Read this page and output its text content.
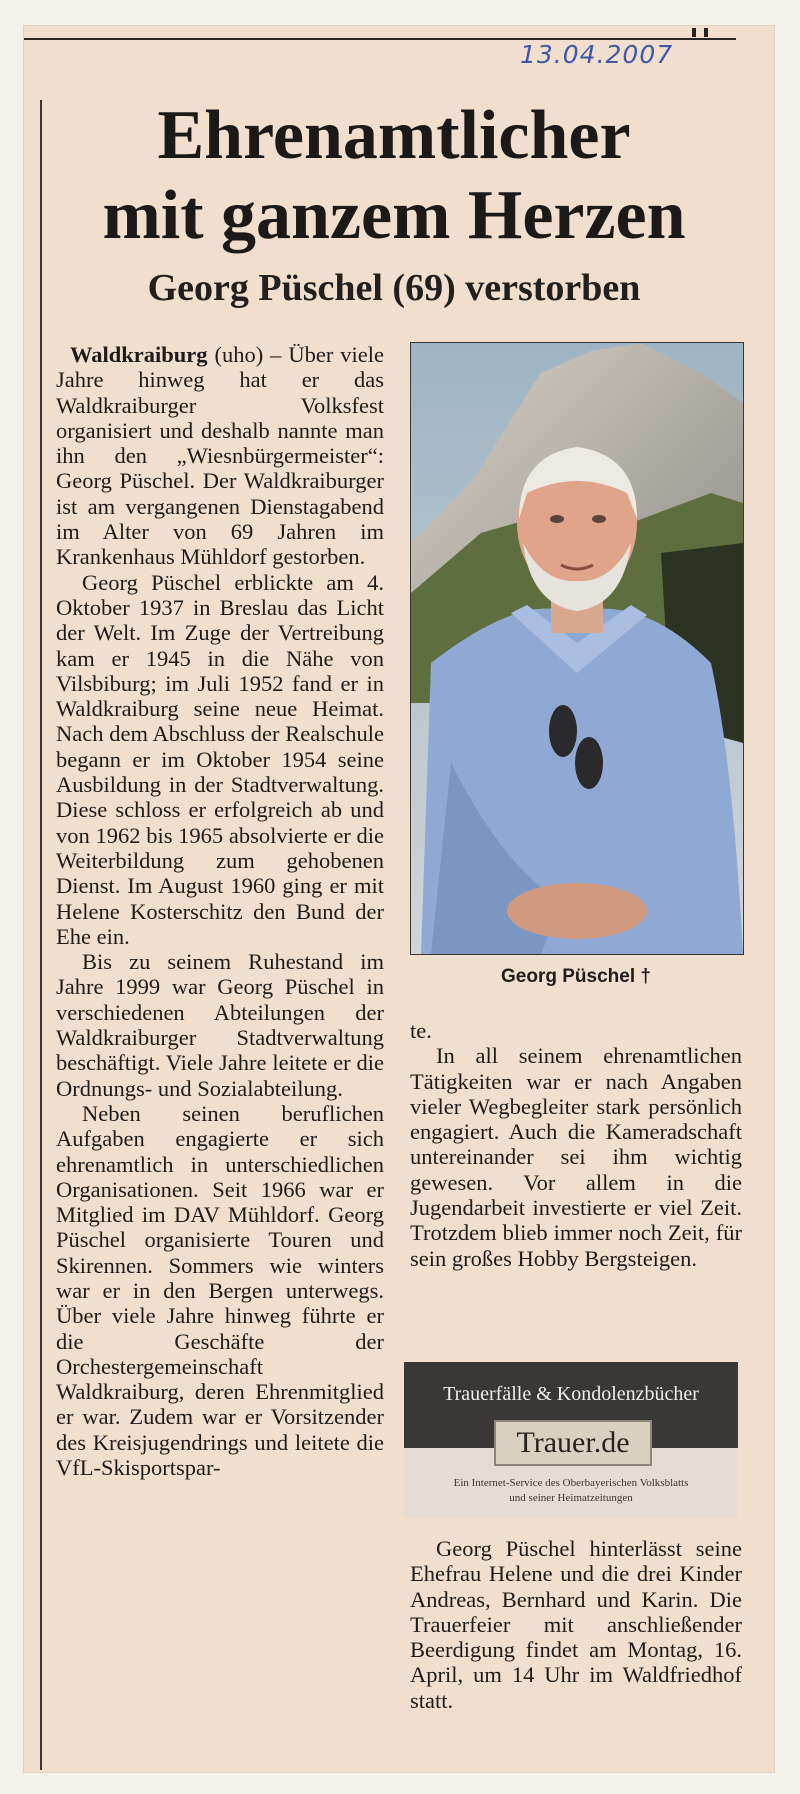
13.04.2007
Ehrenamtlicher
mit ganzem Herzen
Georg Püschel (69) verstorben

Waldkraiburg (uho) – Über viele Jahre hinweg hat er das Waldkraiburger Volksfest organisiert und deshalb nannte man ihn den „Wiesnbürgermeister“: Georg Püschel. Der Waldkraiburger ist am vergangenen Dienstagabend im Alter von 69 Jahren im Krankenhaus Mühldorf gestorben.

Georg Püschel erblickte am 4. Oktober 1937 in Breslau das Licht der Welt. Im Zuge der Vertreibung kam er 1945 in die Nähe von Vilsbiburg; im Juli 1952 fand er in Waldkraiburg seine neue Heimat. Nach dem Abschluss der Realschule begann er im Oktober 1954 seine Ausbildung in der Stadtverwaltung. Diese schloss er erfolgreich ab und von 1962 bis 1965 absolvierte er die Weiterbildung zum gehobenen Dienst. Im August 1960 ging er mit Helene Kosterschitz den Bund der Ehe ein.

Bis zu seinem Ruhestand im Jahre 1999 war Georg Püschel in verschiedenen Abteilungen der Waldkraiburger Stadtverwaltung beschäftigt. Viele Jahre leitete er die Ordnungs- und Sozialabteilung.

Neben seinen beruflichen Aufgaben engagierte er sich ehrenamtlich in unterschiedlichen Organisationen. Seit 1966 war er Mitglied im DAV Mühldorf. Georg Püschel organisierte Touren und Skirennen. Sommers wie winters war er in den Bergen unterwegs. Über viele Jahre hinweg führte er die Geschäfte der Orchestergemeinschaft Waldkraiburg, deren Ehrenmitglied er war. Zudem war er Vorsitzender des Kreisjugendrings und leitete die VfL-Skisportspar-

Georg Püschel †

te.

In all seinem ehrenamtlichen Tätigkeiten war er nach Angaben vieler Wegbegleiter stark persönlich engagiert. Auch die Kameradschaft untereinander sei ihm wichtig gewesen. Vor allem in die Jugendarbeit investierte er viel Zeit. Trotzdem blieb immer noch Zeit, für sein großes Hobby Bergsteigen.

Trauerfälle & Kondolenzbücher
Trauer.de
Ein Internet-Service des Oberbayerischen Volksblatts
und seiner Heimatzeitungen

Georg Püschel hinterlässt seine Ehefrau Helene und die drei Kinder Andreas, Bernhard und Karin. Die Trauerfeier mit anschließender Beerdigung findet am Montag, 16. April, um 14 Uhr im Waldfriedhof statt.
